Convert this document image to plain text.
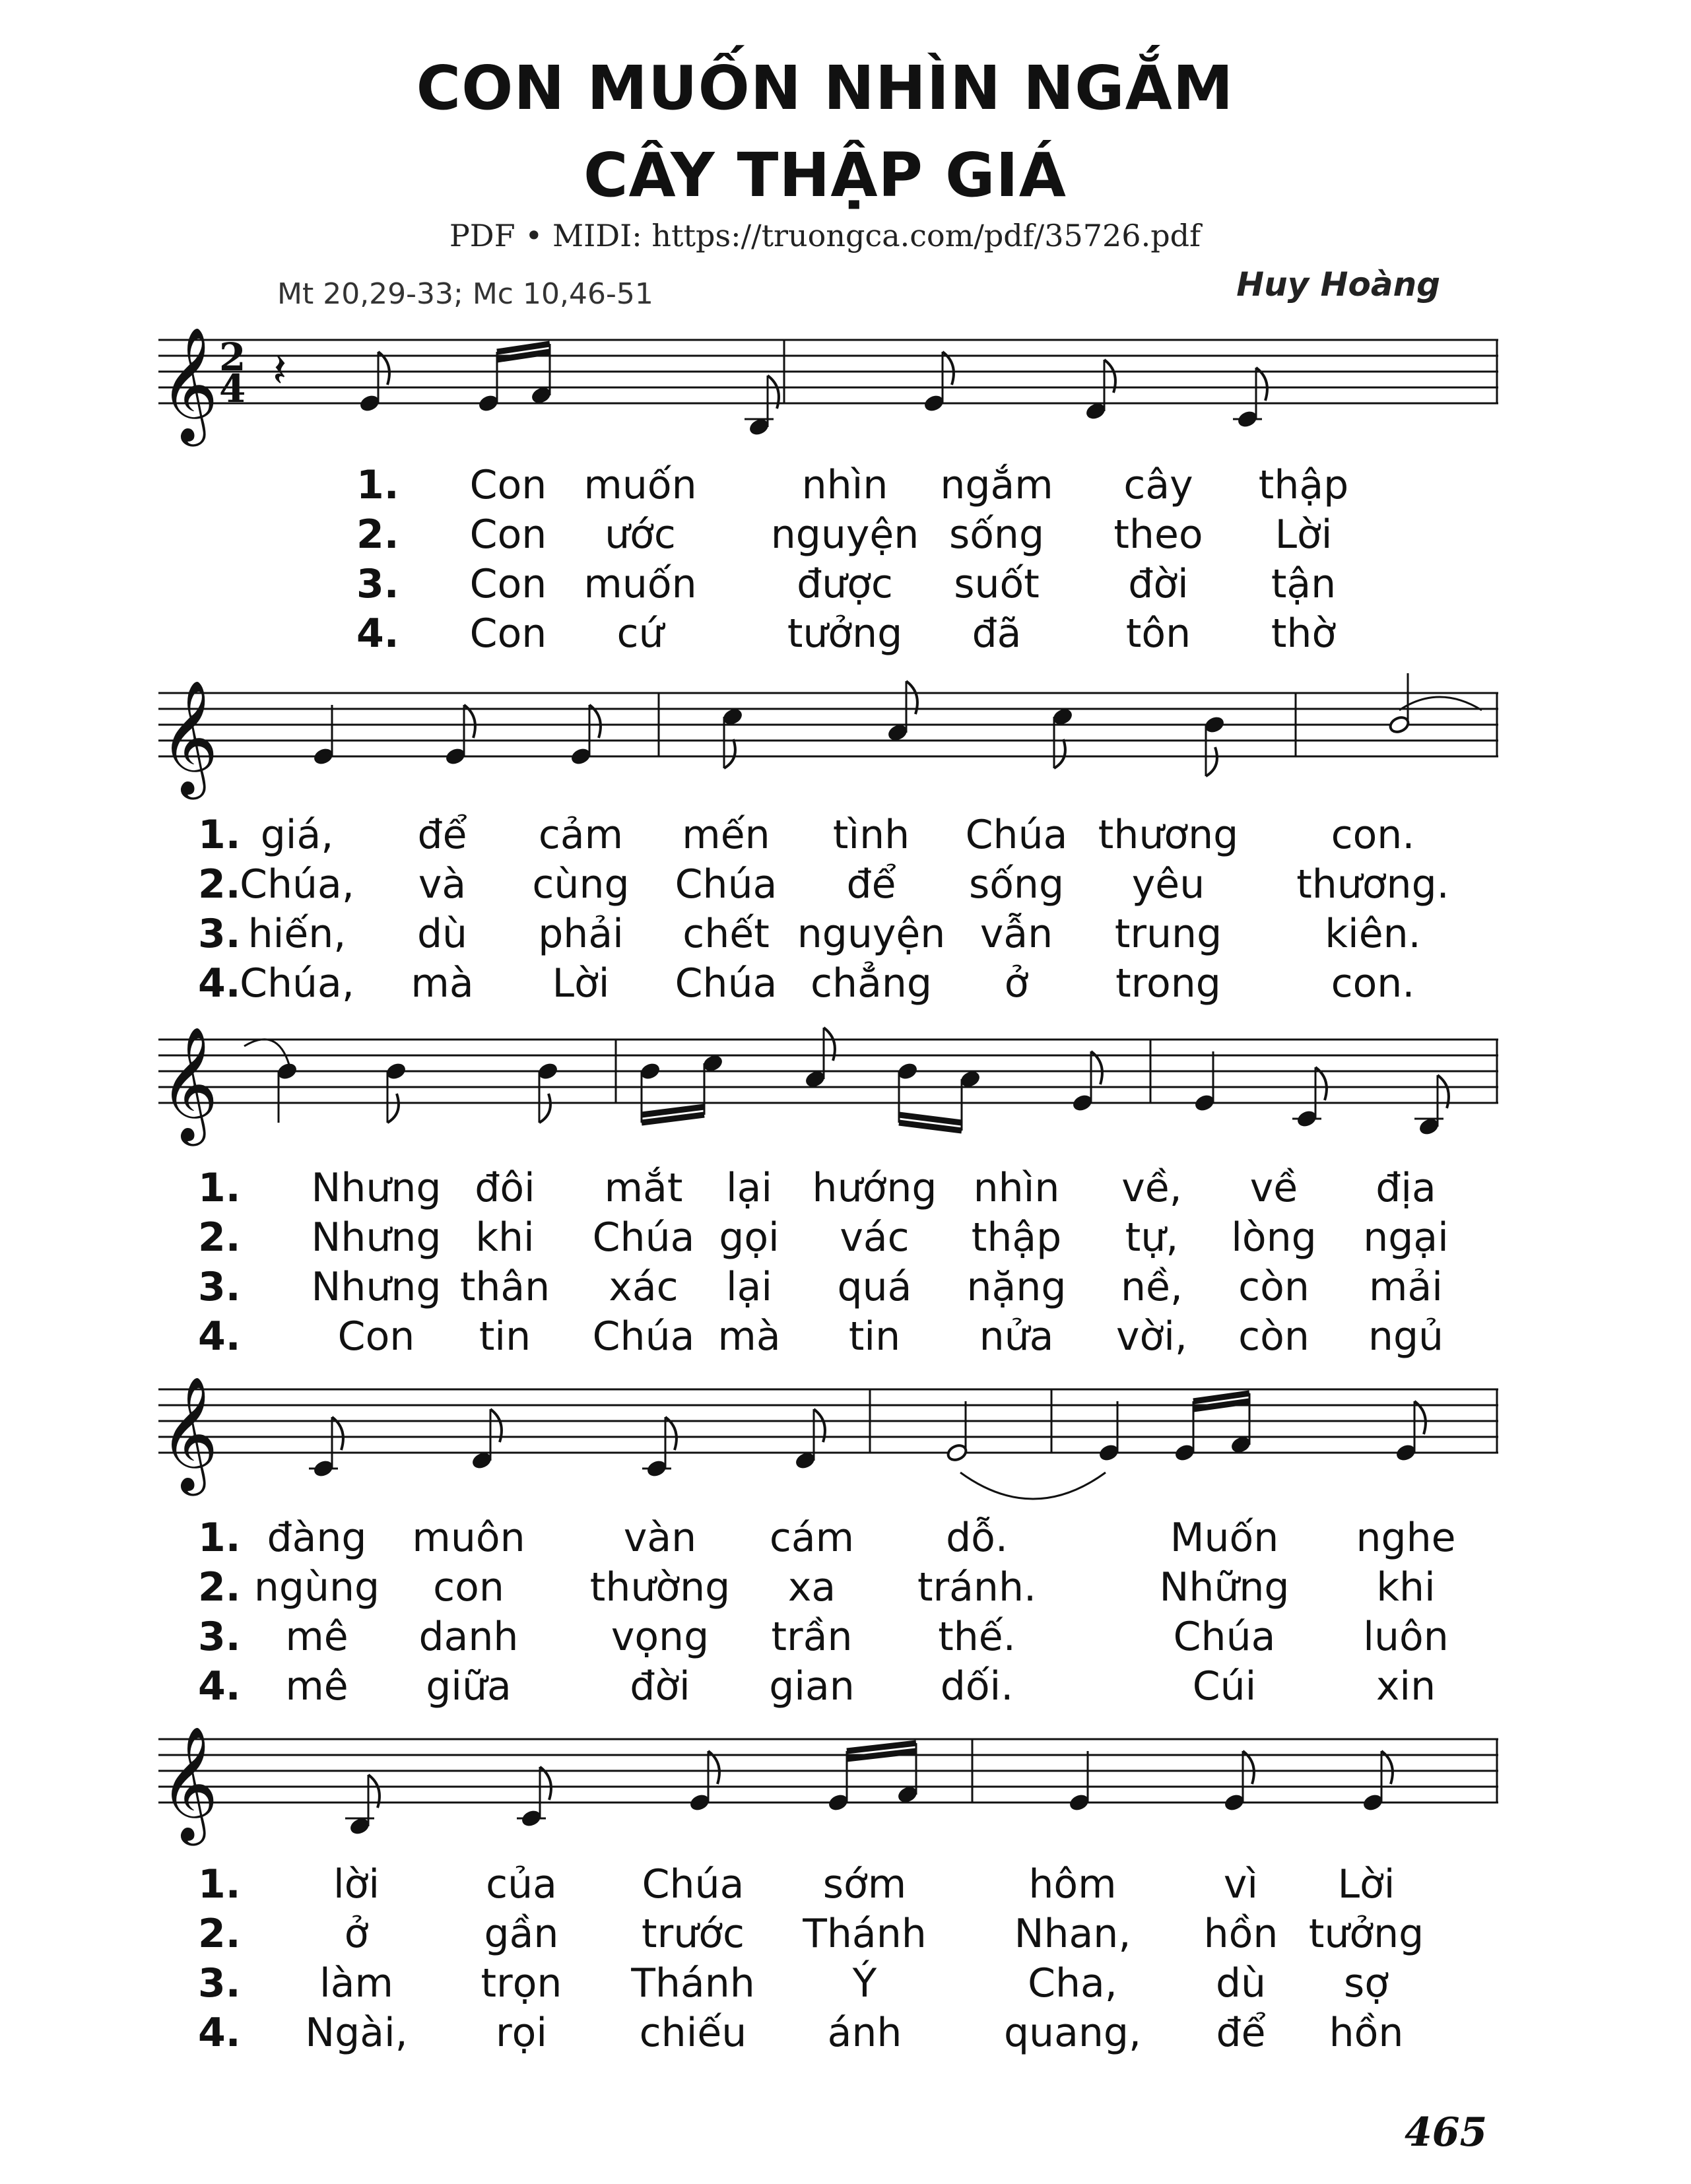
CON MUỐN NHÌN NGẮM
CÂY THẬP GIÁ
PDF • MIDI: https://truongca.com/pdf/35726.pdf
Mt 20,29-33; Mc 10,46-51	Huy Hoàng
𝄞 2
4 𝄽
1. Con muốn	nhìn ngắm cây thập
2. Con ước nguyện sống theo Lời
3. Con muốn	được suốt đời tận
4. Con cứ	tưởng đã	tôn thờ
𝄞
1. giá, để cảm mến tình Chúa thương con.
2.
Chúa, và cùng Chúa để sống yêu thương.
3. hiến, dù phải chết nguyện vẫn trung	kiên.
4.
Chúa, mà Lời Chúa chẳng ở trong	con.
𝄞
1. Nhưng đôi mắt lại hướng nhìn về, về địa
2. Nhưng khi Chúa gọi vác thập tự, lòng ngại
3. Nhưng thân xác lại quá nặng nề, còn mải
4. Con tin Chúa mà tin nửa vời, còn ngủ
𝄞
1. đàng muôn vàn cám dỗ.	Muốn nghe
2. ngùng con thường xa tránh.	Những khi
3. mê danh vọng trần thế.	Chúa luôn
4. mê giữa	đời gian dối.	Cúi	xin
𝄞
1. lời	của Chúa sớm	hôm	vì Lời
2.	ở	gần trước Thánh Nhan, hồn tưởng
3. làm trọn Thánh Ý	Cha, dù sợ
4. Ngài, rọi chiếu ánh	quang, để hồn
465
